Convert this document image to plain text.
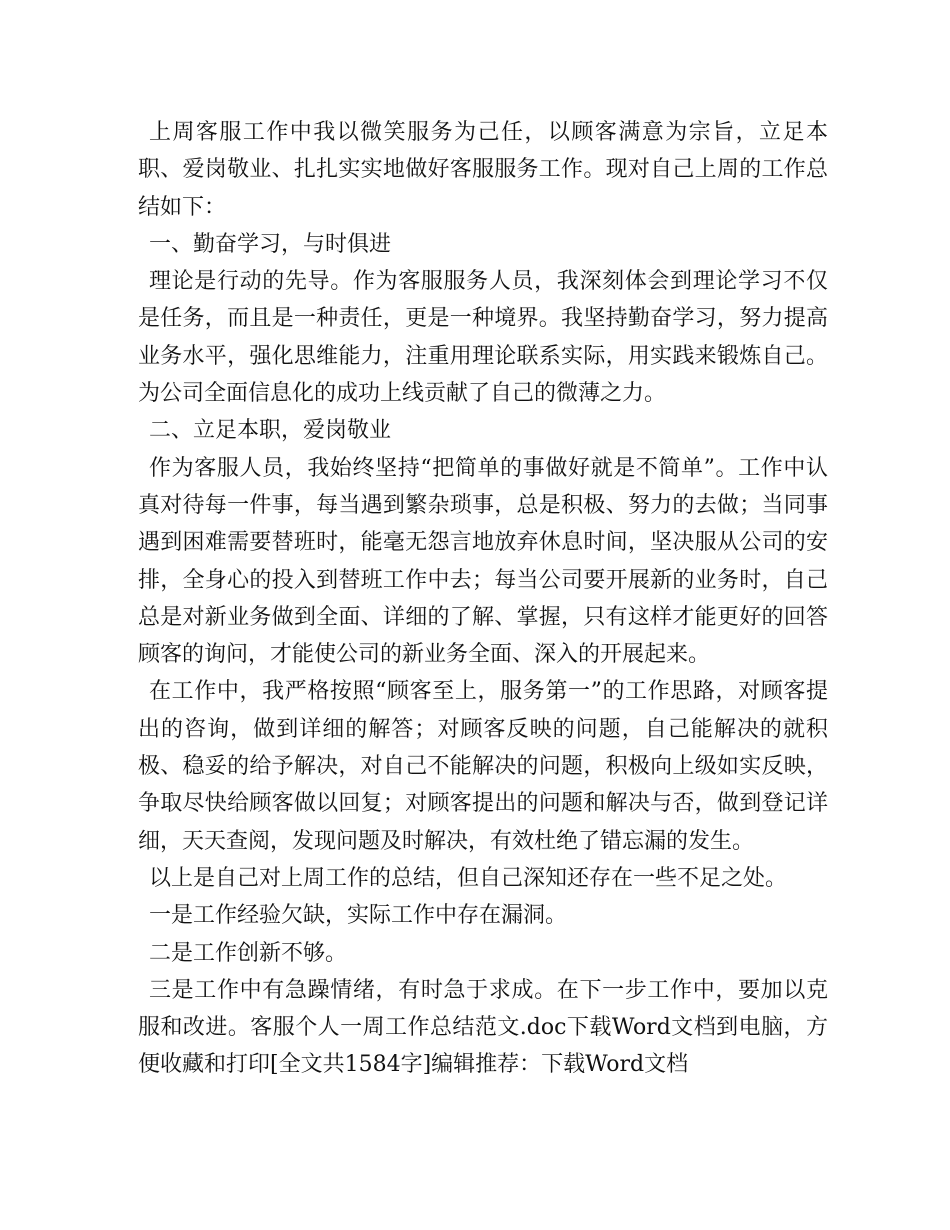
上周客服工作中我以微笑服务为己任，以顾客满意为宗旨，立足本职、爱岗敬业、扎扎实实地做好客服服务工作。现对自己上周的工作总结如下：

一、勤奋学习，与时俱进

理论是行动的先导。作为客服服务人员，我深刻体会到理论学习不仅是任务，而且是一种责任，更是一种境界。我坚持勤奋学习，努力提高业务水平，强化思维能力，注重用理论联系实际，用实践来锻炼自己。为公司全面信息化的成功上线贡献了自己的微薄之力。

二、立足本职，爱岗敬业

作为客服人员，我始终坚持“把简单的事做好就是不简单”。工作中认真对待每一件事，每当遇到繁杂琐事，总是积极、努力的去做；当同事遇到困难需要替班时，能毫无怨言地放弃休息时间，坚决服从公司的安排，全身心的投入到替班工作中去；每当公司要开展新的业务时，自己总是对新业务做到全面、详细的了解、掌握，只有这样才能更好的回答顾客的询问，才能使公司的新业务全面、深入的开展起来。

在工作中，我严格按照“顾客至上，服务第一”的工作思路，对顾客提出的咨询，做到详细的解答；对顾客反映的问题，自己能解决的就积极、稳妥的给予解决，对自己不能解决的问题，积极向上级如实反映，争取尽快给顾客做以回复；对顾客提出的问题和解决与否，做到登记详细，天天查阅，发现问题及时解决，有效杜绝了错忘漏的发生。

以上是自己对上周工作的总结，但自己深知还存在一些不足之处。

一是工作经验欠缺，实际工作中存在漏洞。

二是工作创新不够。

三是工作中有急躁情绪，有时急于求成。在下一步工作中，要加以克服和改进。客服个人一周工作总结范文.doc下载Word文档到电脑，方便收藏和打印[全文共1584字]编辑推荐：下载Word文档
